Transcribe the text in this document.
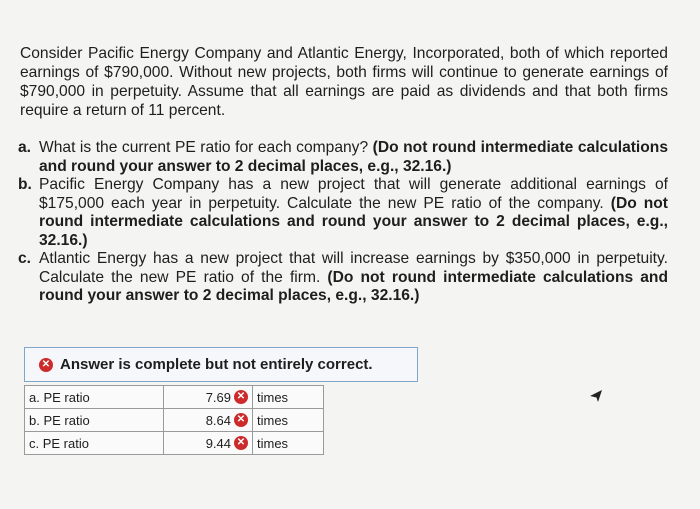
Consider Pacific Energy Company and Atlantic Energy, Incorporated, both of which reported earnings of $790,000. Without new projects, both firms will continue to generate earnings of $790,000 in perpetuity. Assume that all earnings are paid as dividends and that both firms require a return of 11 percent.

a. What is the current PE ratio for each company? (Do not round intermediate calculations and round your answer to 2 decimal places, e.g., 32.16.)
b. Pacific Energy Company has a new project that will generate additional earnings of $175,000 each year in perpetuity. Calculate the new PE ratio of the company. (Do not round intermediate calculations and round your answer to 2 decimal places, e.g., 32.16.)
c. Atlantic Energy has a new project that will increase earnings by $350,000 in perpetuity. Calculate the new PE ratio of the firm. (Do not round intermediate calculations and round your answer to 2 decimal places, e.g., 32.16.)
✕ Answer is complete but not entirely correct.
a. PE ratio	7.69 ✕	times
b. PE ratio	8.64 ✕	times
c. PE ratio	9.44 ✕	times
